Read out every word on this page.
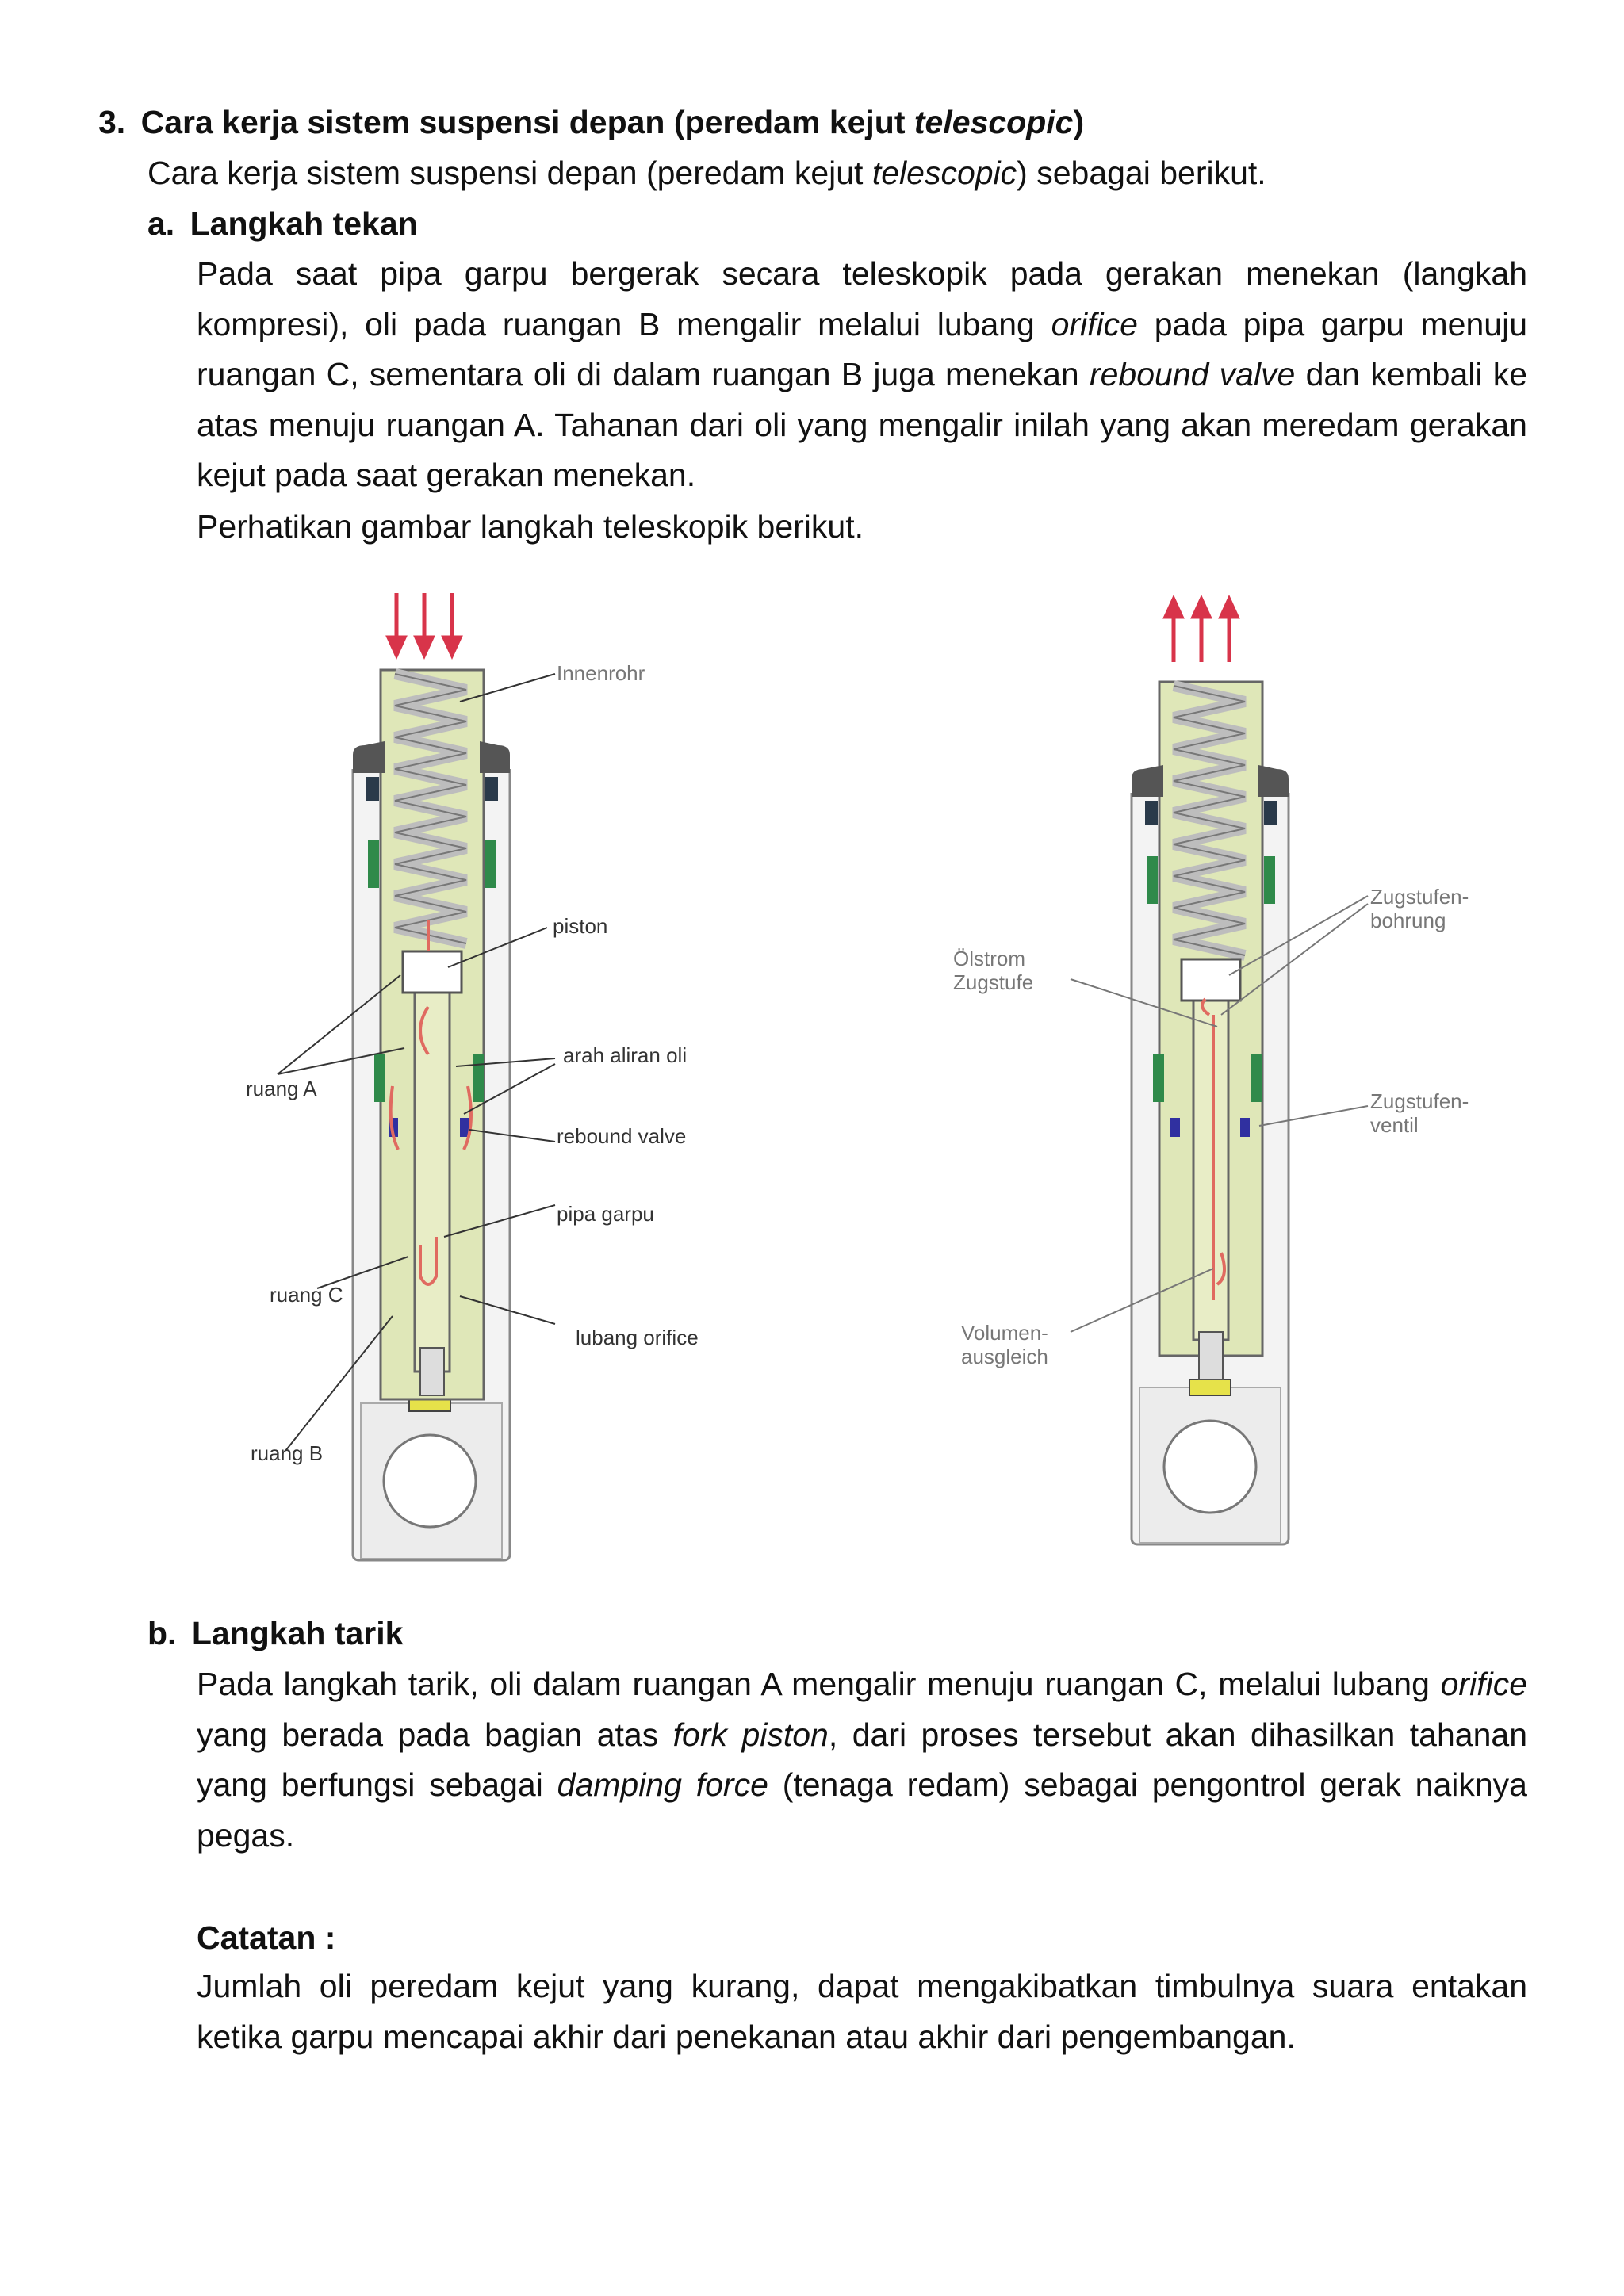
3. Cara kerja sistem suspensi depan (peredam kejut telescopic)
Cara kerja sistem suspensi depan (peredam kejut telescopic) sebagai berikut.
a. Langkah tekan
Pada saat pipa garpu bergerak secara teleskopik pada gerakan menekan (langkah kompresi), oli pada ruangan B mengalir melalui lubang orifice pada pipa garpu menuju ruangan C, sementara oli di dalam ruangan B juga menekan rebound valve dan kembali ke atas menuju ruangan A. Tahanan dari oli yang mengalir inilah yang akan meredam gerakan kejut pada saat gerakan menekan.
Perhatikan gambar langkah teleskopik berikut.
Innenrohr
piston
arah aliran oli
rebound valve
pipa garpu
lubang orifice
ruang A
ruang C
ruang B
Zugstufen-
bohrung
Ölstrom
Zugstufe
Zugstufen-
ventil
Volumen-
ausgleich
b. Langkah tarik
Pada langkah tarik, oli dalam ruangan A mengalir menuju ruangan C, melalui lubang orifice yang berada pada bagian atas fork piston, dari proses tersebut akan dihasilkan tahanan yang berfungsi sebagai damping force (tenaga redam) sebagai pengontrol gerak naiknya pegas.
Catatan :
Jumlah oli peredam kejut yang kurang, dapat mengakibatkan timbulnya suara entakan ketika garpu mencapai akhir dari penekanan atau akhir dari pengembangan.
